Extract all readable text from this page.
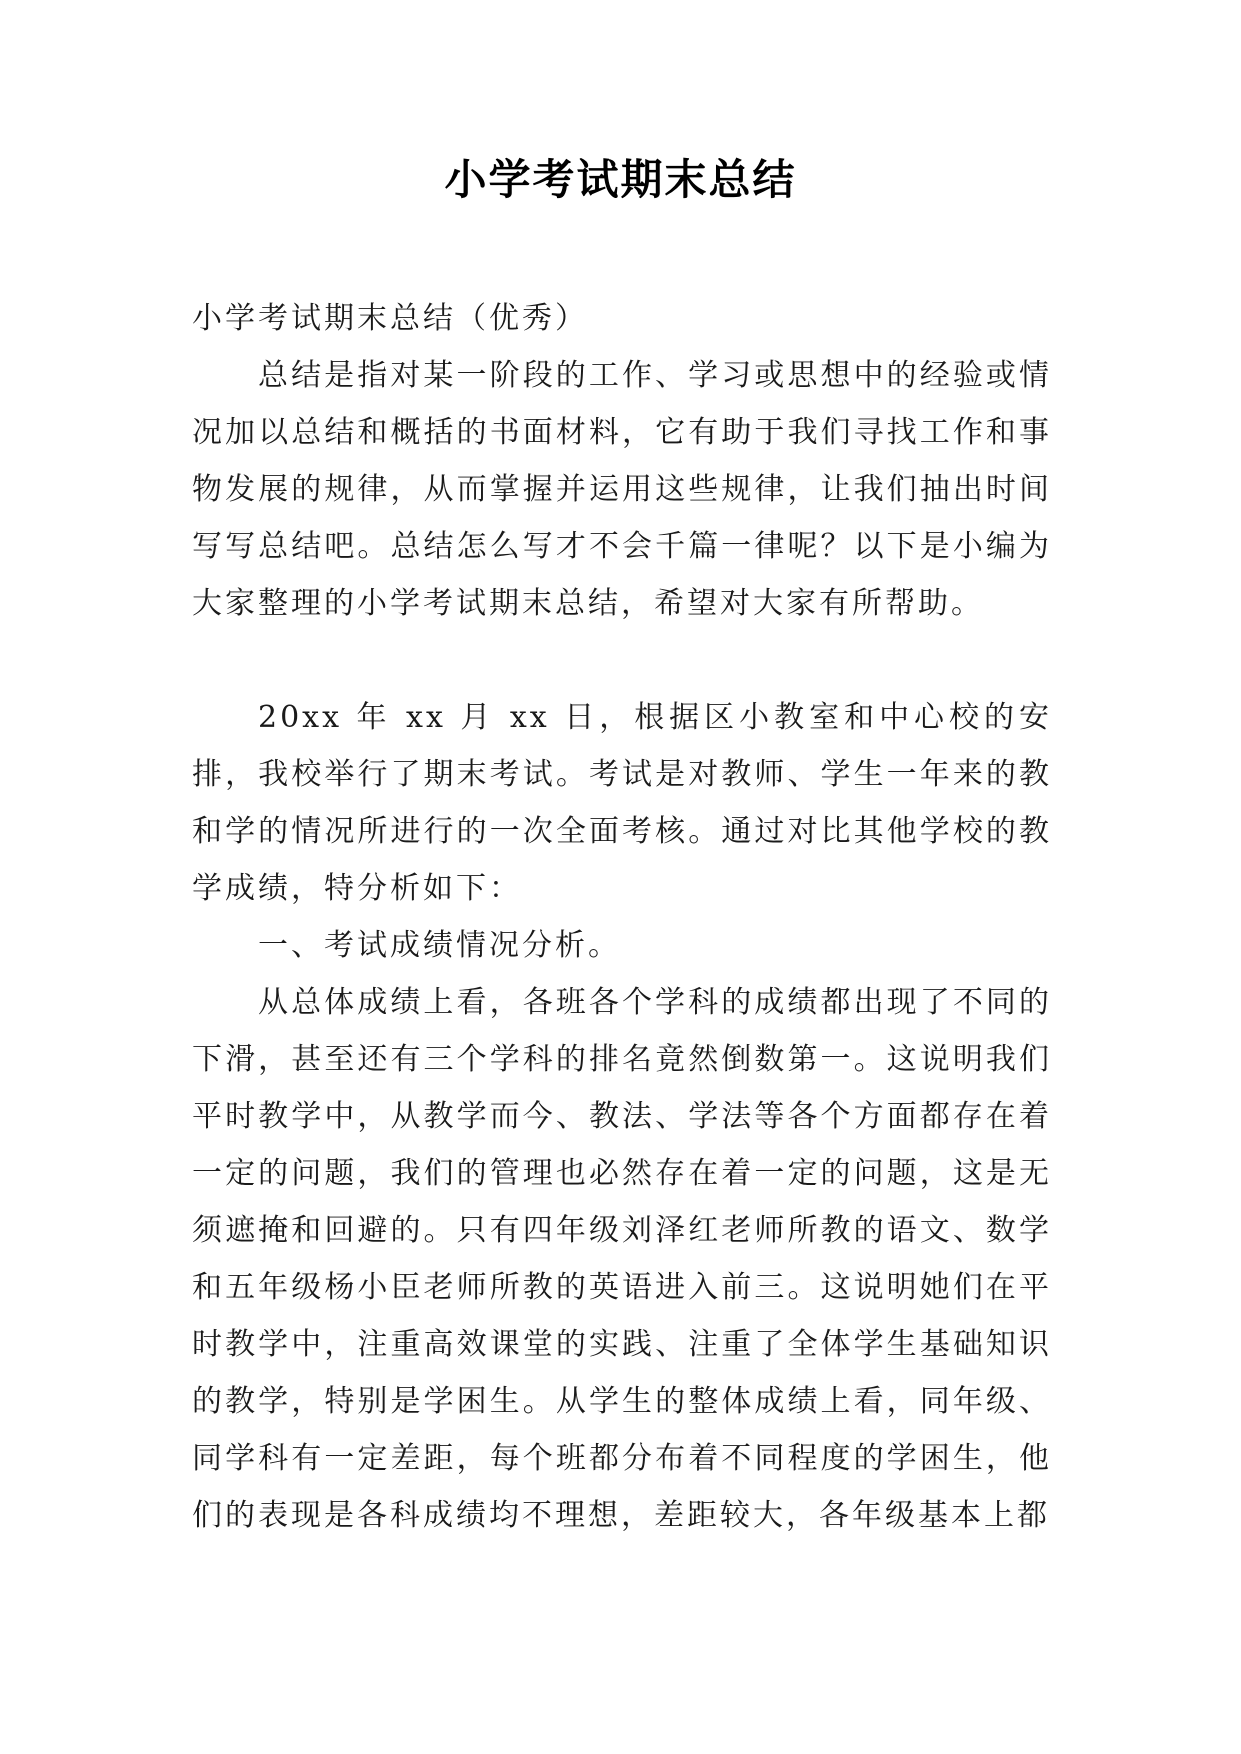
小学考试期末总结

小学考试期末总结（优秀）

总结是指对某一阶段的工作、学习或思想中的经验或情况加以总结和概括的书面材料，它有助于我们寻找工作和事物发展的规律，从而掌握并运用这些规律，让我们抽出时间写写总结吧。总结怎么写才不会千篇一律呢？以下是小编为大家整理的小学考试期末总结，希望对大家有所帮助。

20xx 年 xx 月 xx 日，根据区小教室和中心校的安排，我校举行了期末考试。考试是对教师、学生一年来的教和学的情况所进行的一次全面考核。通过对比其他学校的教学成绩，特分析如下：

一、考试成绩情况分析。

从总体成绩上看，各班各个学科的成绩都出现了不同的下滑，甚至还有三个学科的排名竟然倒数第一。这说明我们平时教学中，从教学而今、教法、学法等各个方面都存在着一定的问题，我们的管理也必然存在着一定的问题，这是无须遮掩和回避的。只有四年级刘泽红老师所教的语文、数学和五年级杨小臣老师所教的英语进入前三。这说明她们在平时教学中，注重高效课堂的实践、注重了全体学生基础知识的教学，特别是学困生。从学生的整体成绩上看，同年级、同学科有一定差距，每个班都分布着不同程度的学困生，他们的表现是各科成绩均不理想，差距较大，各年级基本上都
